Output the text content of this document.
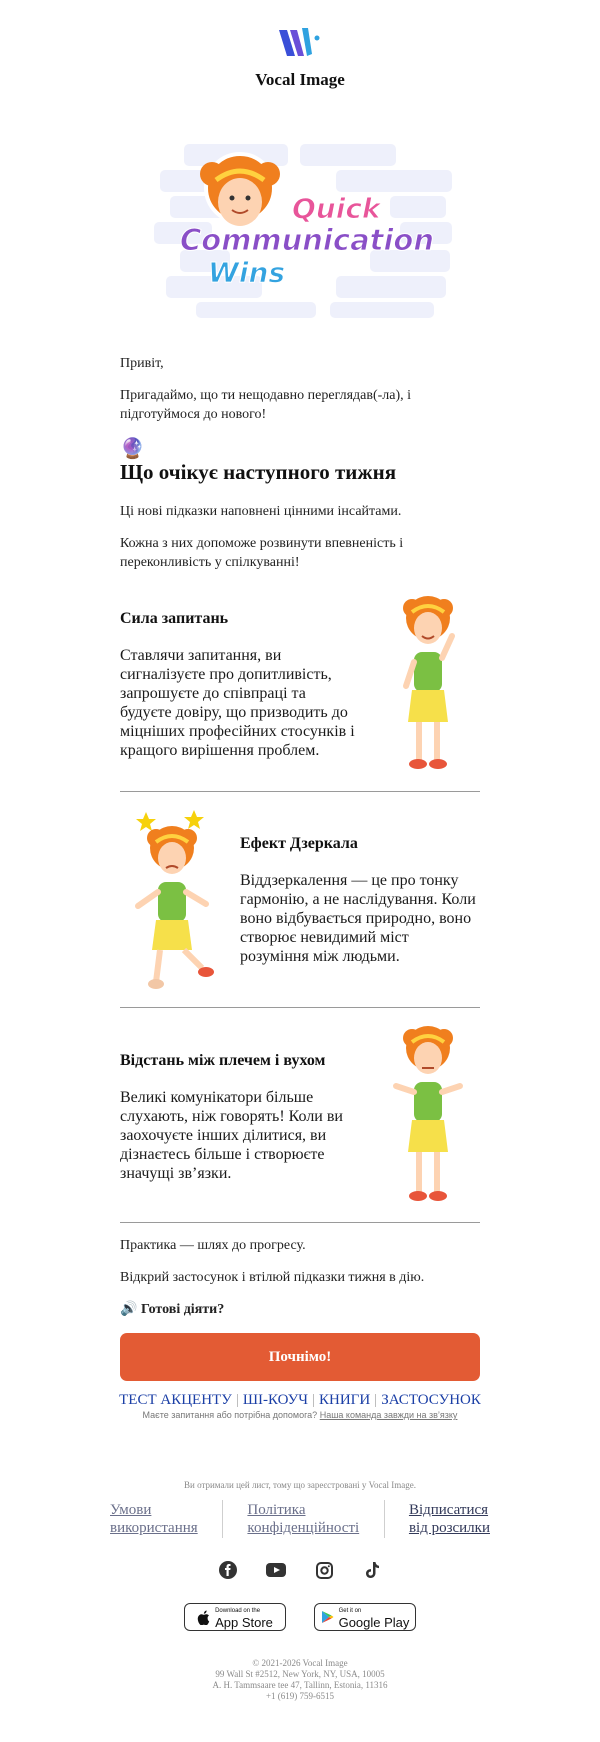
Vocal Image
Quick
Communication
Wins
Привіт,
Пригадаймо, що ти нещодавно переглядав(-ла), і підготуймося до нового!
🔮
Що очікує наступного тижня
Ці нові підказки наповнені цінними інсайтами.
Кожна з них допоможе розвинути впевненість і переконливість у спілкуванні!
Сила запитань
Ставлячи запитання, ви сигналізуєте про допитливість, запрошуєте до співпраці та будуєте довіру, що призводить до міцніших професійних стосунків і кращого вирішення проблем.
Ефект Дзеркала
Віддзеркалення — це про тонку гармонію, а не наслідування. Коли воно відбувається природно, воно створює невидимий міст розуміння між людьми.
Відстань між плечем і вухом
Великі комунікатори більше слухають, ніж говорять! Коли ви заохочуєте інших ділитися, ви дізнаєтесь більше і створюєте значущі зв’язки.
Практика — шлях до прогресу.
Відкрий застосунок і втілюй підказки тижня в дію.
🔊 Готові діяти?
Почнімо!
ТЕСТ АКЦЕНТУ | ШІ-КОУЧ | КНИГИ | ЗАСТОСУНОК
Маєте запитання або потрібна допомога? Наша команда завжди на зв’язку
Ви отримали цей лист, тому що зареєстровані у Vocal Image.
Умови
використання
Політика
конфіденційності
Відписатися
від розсилки
Download on the
App Store
Get it on
Google Play
© 2021-2026 Vocal Image
99 Wall St #2512, New York, NY, USA, 10005
A. H. Tammsaare tee 47, Tallinn, Estonia, 11316
+1 (619) 759-6515
